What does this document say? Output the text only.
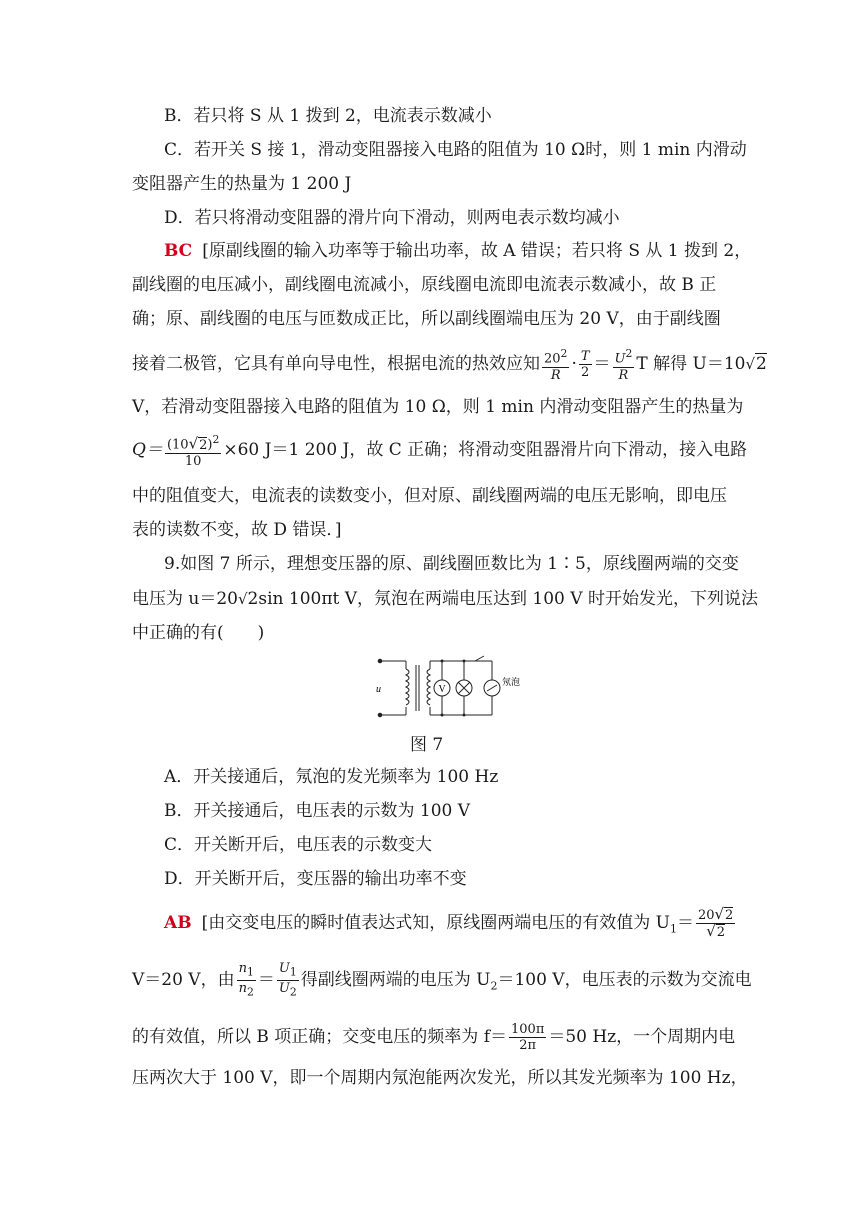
B．若只将 S 从 1 拨到 2，电流表示数减小
C．若开关 S 接 1，滑动变阻器接入电路的阻值为 10 Ω时，则 1 min 内滑动
变阻器产生的热量为 1 200 J
D．若只将滑动变阻器的滑片向下滑动，则两电表示数均减小
BC [原副线圈的输入功率等于输出功率，故 A 错误；若只将 S 从 1 拨到 2，
副线圈的电压减小，副线圈电流减小，原线圈电流即电流表示数减小，故 B 正
确；原、副线圈的电压与匝数成正比，所以副线圈端电压为 20 V，由于副线圈
接着二极管，它具有单向导电性，根据电流的热效应知 $\frac{20^2}{R} \cdot \frac{T}{2} = \frac{U^2}{R}$ T 解得 U＝10√2
V，若滑动变阻器接入电路的阻值为 10 Ω，则 1 min 内滑动变阻器产生的热量为
$Q= \frac{(10√2)^2}{10} \times 60$ J＝1 200 J，故 C 正确；将滑动变阻器滑片向下滑动，接入电路
中的阻值变大，电流表的读数变小，但对原、副线圈两端的电压无影响，即电压
表的读数不变，故 D 错误．]
9.如图 7 所示，理想变压器的原、副线圈匝数比为 1∶5，原线圈两端的交变
电压为 u＝20√2sin 100πt V，氖泡在两端电压达到 100 V 时开始发光，下列说法
中正确的有(　　)
u	V
氖泡
图 7
A．开关接通后，氖泡的发光频率为 100 Hz
B．开关接通后，电压表的示数为 100 V
C．开关断开后，电压表的示数变大
D．开关断开后，变压器的输出功率不变
AB [由交变电压的瞬时值表达式知，原线圈两端电压的有效值为 $U_1= \frac{20√2}{√2}$
V＝20 V，由 $\frac{n_1}{n_2} = \frac{U_1}{U_2}$ 得副线圈两端的电压为 $U_2=100$ V，电压表的示数为交流电
的有效值，所以 B 项正确；交变电压的频率为 $f= \frac{100\pi}{2\pi} =50$ Hz，一个周期内电
压两次大于 100 V，即一个周期内氖泡能两次发光，所以其发光频率为 100 Hz，
